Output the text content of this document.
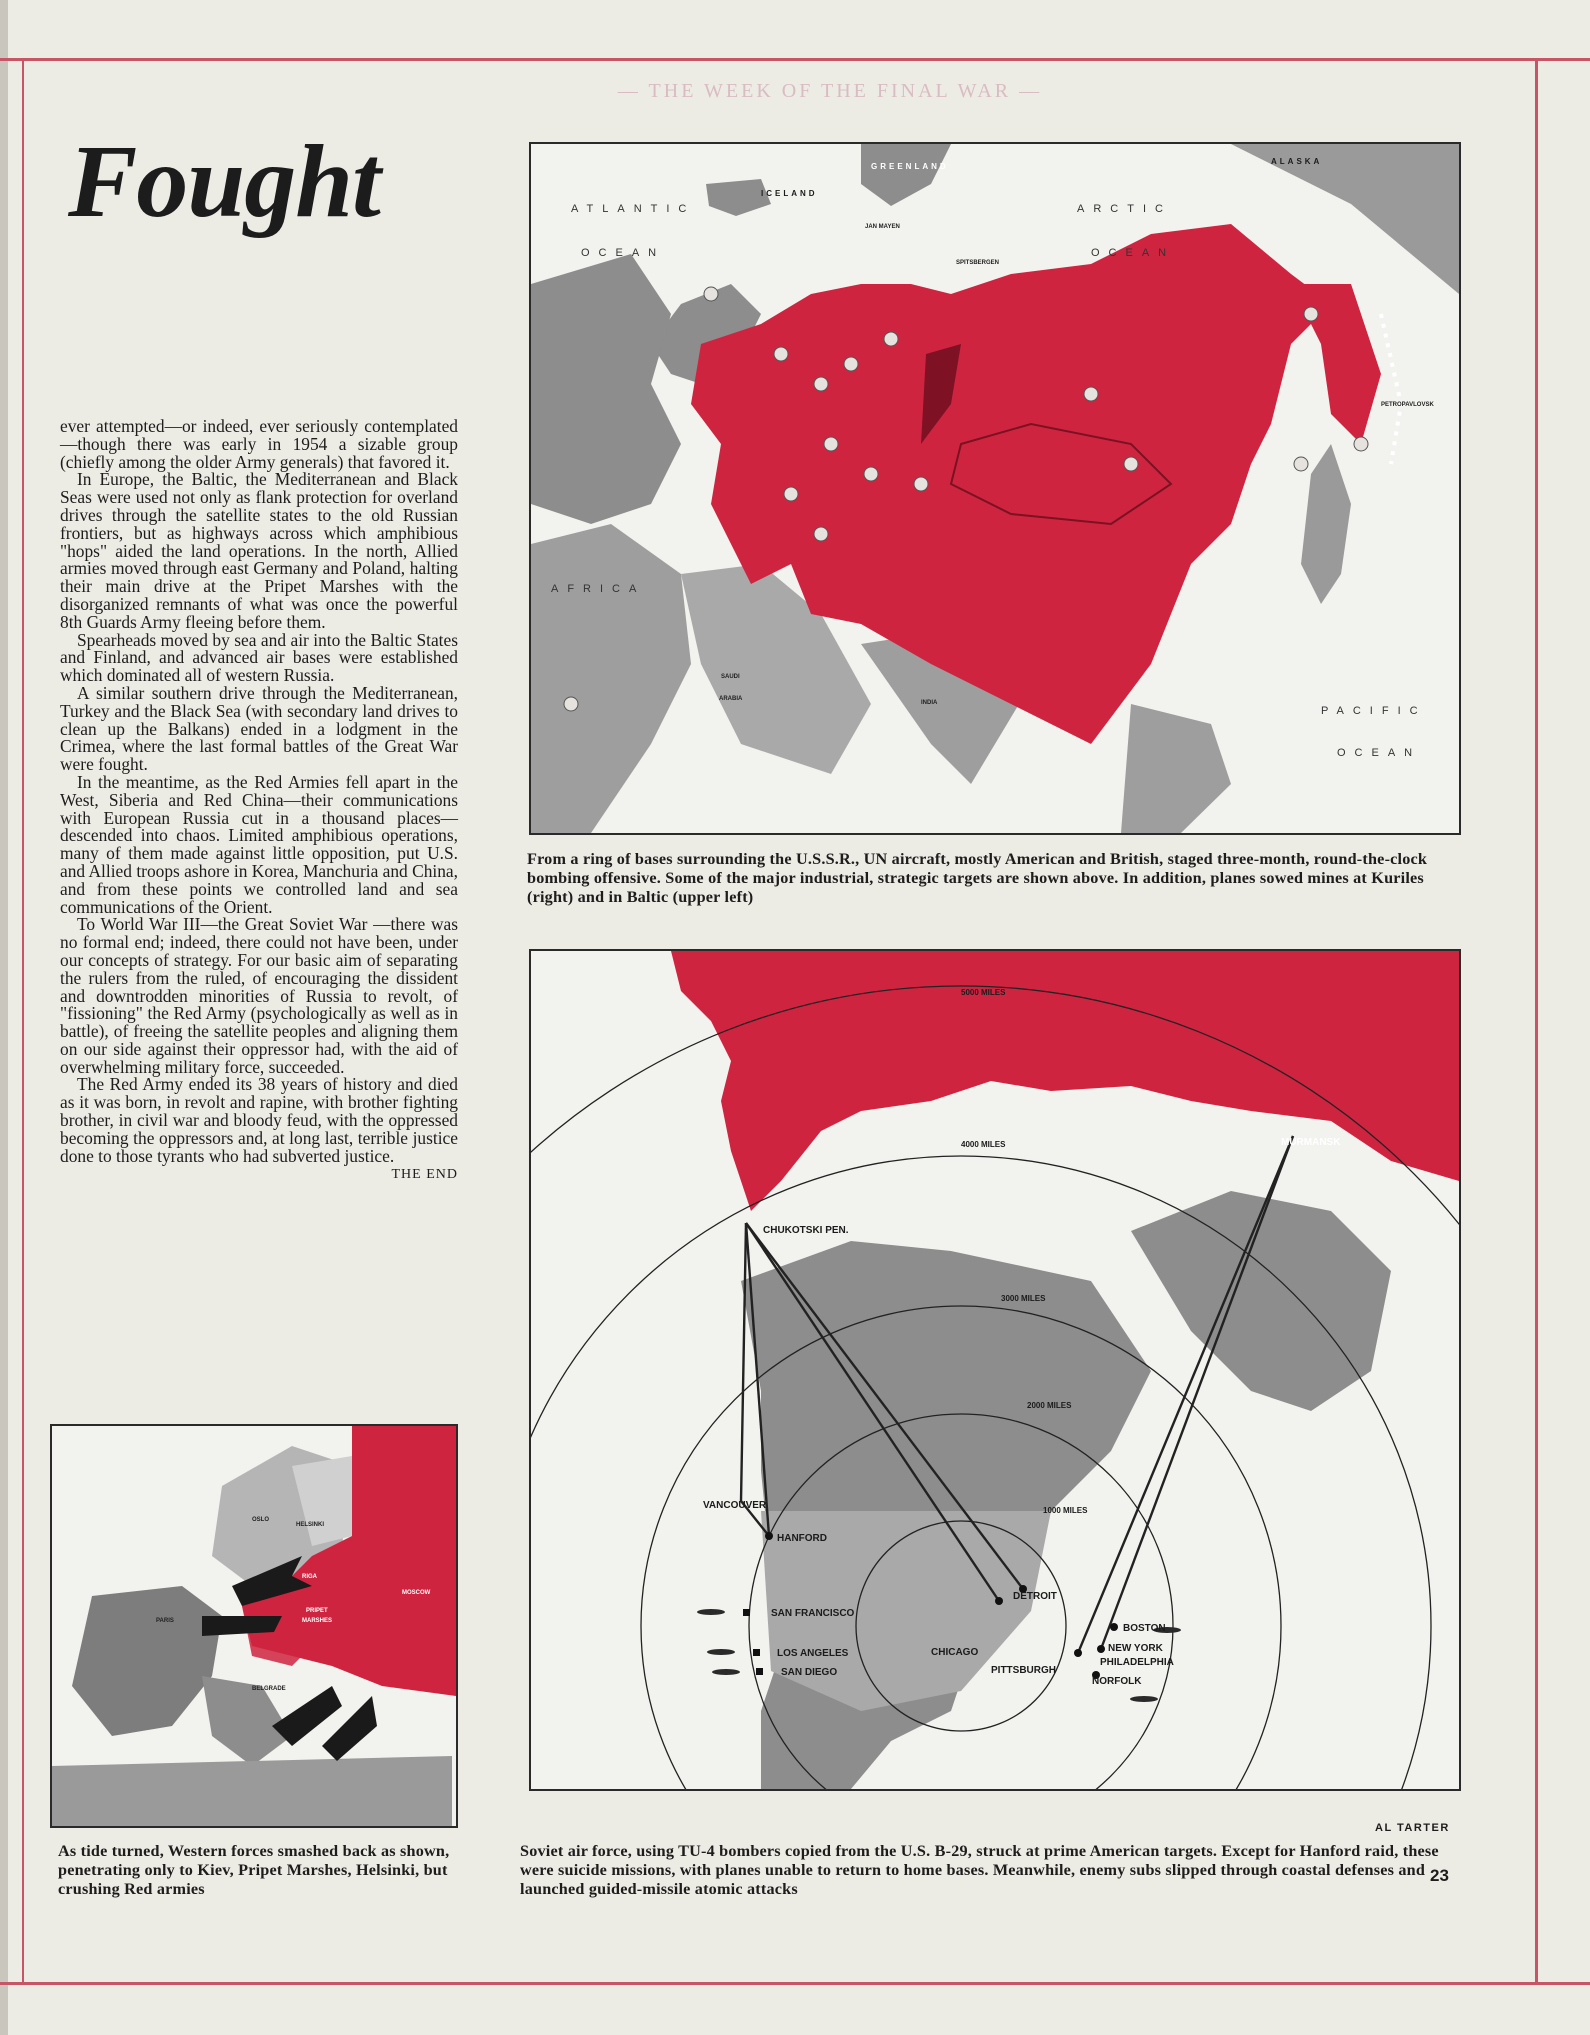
— THE WEEK OF THE FINAL WAR —
Fought

ever attempted—or indeed, ever seriously contemplated—though there was early in 1954 a sizable group (chiefly among the older Army generals) that favored it.

In Europe, the Baltic, the Mediterranean and Black Seas were used not only as flank protection for overland drives through the satellite states to the old Russian frontiers, but as highways across which amphibious "hops" aided the land operations. In the north, Allied armies moved through east Germany and Poland, halting their main drive at the Pripet Marshes with the disorganized remnants of what was once the powerful 8th Guards Army fleeing before them.

Spearheads moved by sea and air into the Baltic States and Finland, and advanced air bases were established which dominated all of western Russia.

A similar southern drive through the Mediterranean, Turkey and the Black Sea (with secondary land drives to clean up the Balkans) ended in a lodgment in the Crimea, where the last formal battles of the Great War were fought.

In the meantime, as the Red Armies fell apart in the West, Siberia and Red China—their communications with European Russia cut in a thousand places—descended into chaos. Limited amphibious operations, many of them made against little opposition, put U.S. and Allied troops ashore in Korea, Manchuria and China, and from these points we controlled land and sea communications of the Orient.

To World War III—the Great Soviet War —there was no formal end; indeed, there could not have been, under our concepts of strategy. For our basic aim of separating the rulers from the ruled, of encouraging the dissident and downtrodden minorities of Russia to revolt, of "fissioning" the Red Army (psychologically as well as in battle), of freeing the satellite peoples and aligning them on our side against their oppressor had, with the aid of overwhelming military force, succeeded.

The Red Army ended its 38 years of history and died as it was born, in revolt and rapine, with brother fighting brother, in civil war and bloody feud, with the oppressed becoming the oppressors and, at long last, terrible justice done to those tyrants who had subverted justice.
THE END

GREENLAND
ALASKA
ICELAND
JAN MAYEN
SPITSBERGEN
ATLANTIC
OCEAN
ARCTIC
OCEAN
PACIFIC
OCEAN
AFRICA
SAUDI
ARABIA
INDIA
PETROPAVLOVSK
From a ring of bases surrounding the U.S.S.R., UN aircraft, mostly American and British, staged three-month, round-the-clock bombing offensive. Some of the major industrial, strategic targets are shown above. In addition, planes sowed mines at Kuriles (right) and in Baltic (upper left)
5000 MILES
4000 MILES
3000 MILES
2000 MILES
1000 MILES
MURMANSK
CHUKOTSKI PEN.
VANCOUVER
HANFORD
SAN FRANCISCO
LOS ANGELES
SAN DIEGO
CHICAGO
DETROIT
PITTSBURGH
BOSTON
NEW YORK
PHILADELPHIA
NORFOLK
AL TARTER
Soviet air force, using TU-4 bombers copied from the U.S. B-29, struck at prime American targets. Except for Hanford raid, these were suicide missions, with planes unable to return to home bases. Meanwhile, enemy subs slipped through coastal defenses and launched guided-missile atomic attacks
OSLO
HELSINKI
RIGA
PARIS
MOSCOW
PRIPET
MARSHES
BELGRADE
As tide turned, Western forces smashed back as shown, penetrating only to Kiev, Pripet Marshes, Helsinki, but crushing Red armies
23
